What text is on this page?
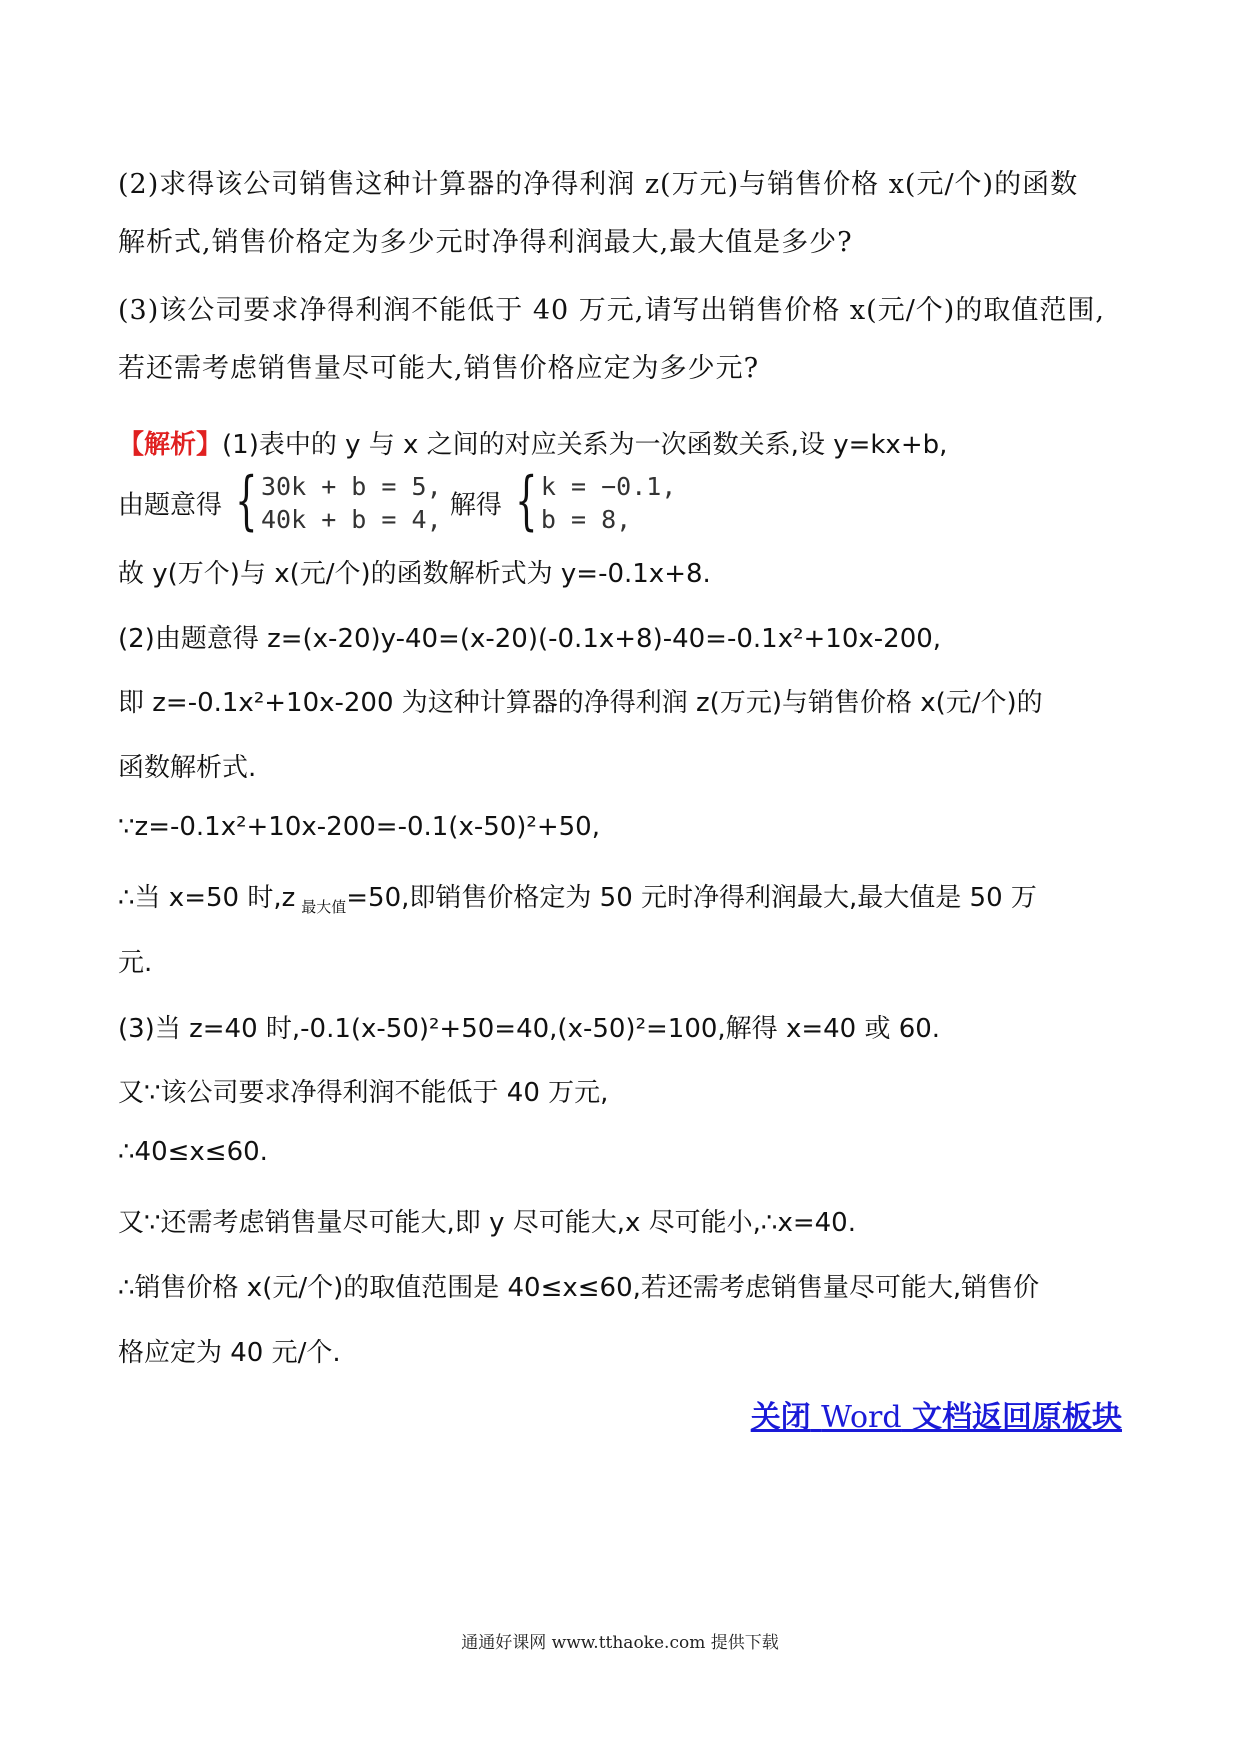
(2)求得该公司销售这种计算器的净得利润 z(万元)与销售价格 x(元/个)的函数
解析式,销售价格定为多少元时净得利润最大,最大值是多少?
(3)该公司要求净得利润不能低于 40 万元,请写出销售价格 x(元/个)的取值范围,
若还需考虑销售量尽可能大,销售价格应定为多少元?
【解析】(1)表中的 y 与 x 之间的对应关系为一次函数关系,设 y=kx+b,
由题意得 { 30k + b = 5,
40k + b = 4, 解得 { k = −0.1,
b = 8,
故 y(万个)与 x(元/个)的函数解析式为 y=-0.1x+8.
(2)由题意得 z=(x-20)y-40=(x-20)(-0.1x+8)-40=-0.1x²+10x-200,
即 z=-0.1x²+10x-200 为这种计算器的净得利润 z(万元)与销售价格 x(元/个)的
函数解析式.
∵z=-0.1x²+10x-200=-0.1(x-50)²+50,
∴当 x=50 时,z $_{最大值}$=50,即销售价格定为 50 元时净得利润最大,最大值是 50 万
元.
(3)当 z=40 时,-0.1(x-50)²+50=40,(x-50)²=100,解得 x=40 或 60.
又∵该公司要求净得利润不能低于 40 万元,
∴40≤x≤60.
又∵还需考虑销售量尽可能大,即 y 尽可能大,x 尽可能小,∴x=40.
∴销售价格 x(元/个)的取值范围是 40≤x≤60,若还需考虑销售量尽可能大,销售价
格应定为 40 元/个.
关闭 Word 文档返回原板块
通通好课网 www.tthaoke.com 提供下载
